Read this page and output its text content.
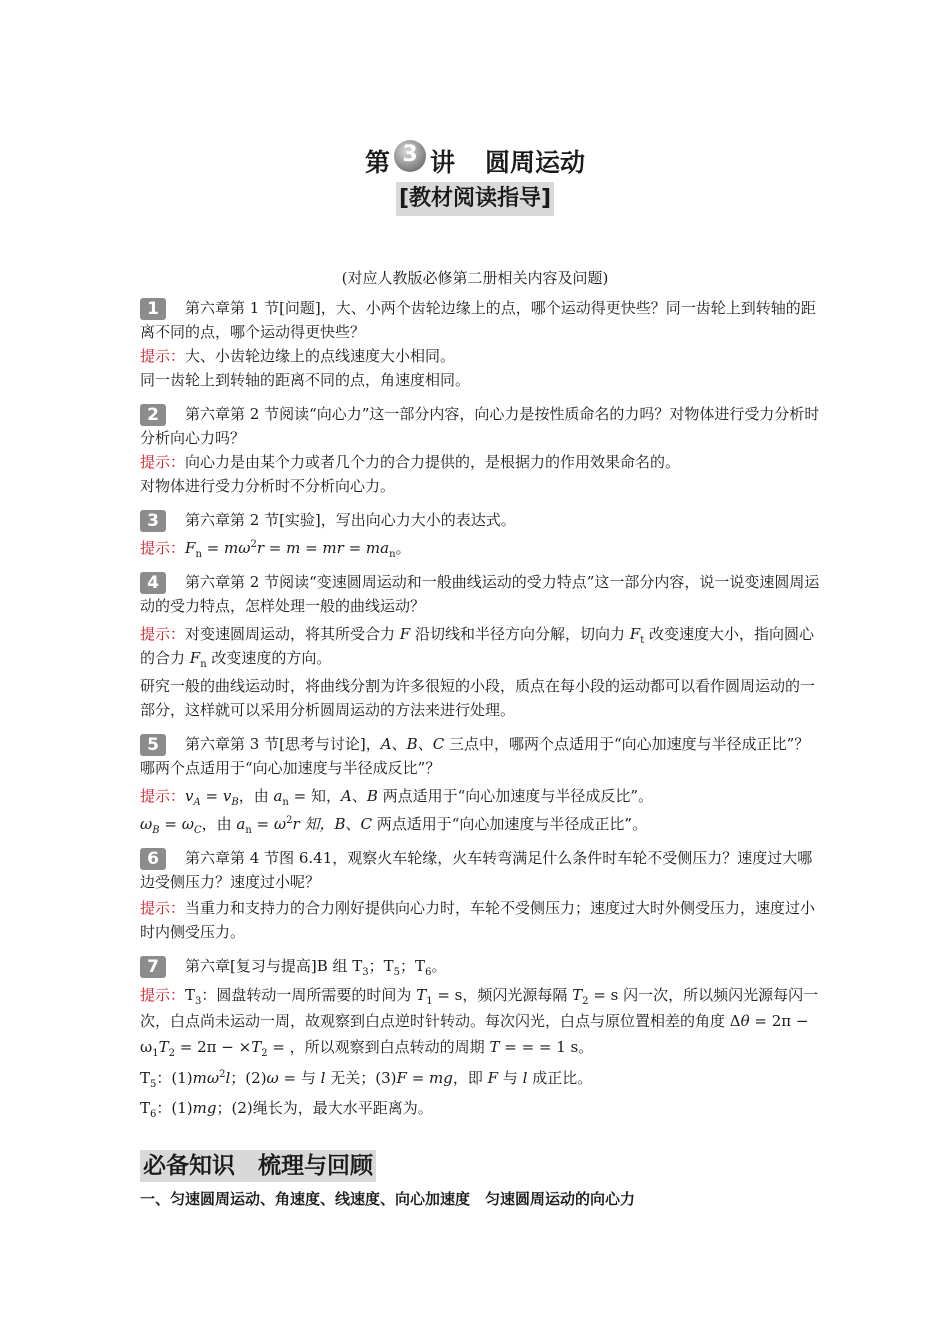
第 3 讲 圆周运动
[教材阅读指导]
(对应人教版必修第二册相关内容及问题)
1	第六章第 1 节[问题]，大、小两个齿轮边缘上的点，哪个运动得更快些？同一齿轮上到转轴的距离不同的点，哪个运动得更快些？

提示：大、小齿轮边缘上的点线速度大小相同。

同一齿轮上到转轴的距离不同的点，角速度相同。

2	第六章第 2 节阅读“向心力”这一部分内容，向心力是按性质命名的力吗？对物体进行受力分析时分析向心力吗？

提示：向心力是由某个力或者几个力的合力提供的，是根据力的作用效果命名的。

对物体进行受力分析时不分析向心力。

3	第六章第 2 节[实验]，写出向心力大小的表达式。

提示：$F_n = m\omega^2r = m$ = mr = $ma_n$。

4	第六章第 2 节阅读“变速圆周运动和一般曲线运动的受力特点”这一部分内容，说一说变速圆周运动的受力特点，怎样处理一般的曲线运动？

提示：对变速圆周运动，将其所受合力 F 沿切线和半径方向分解，切向力 $F_t$ 改变速度大小，指向圆心的合力 $F_n$ 改变速度的方向。

研究一般的曲线运动时，将曲线分割为许多很短的小段，质点在每小段的运动都可以看作圆周运动的一部分，这样就可以采用分析圆周运动的方法来进行处理。

5	第六章第 3 节[思考与讨论]，A、B、C 三点中，哪两个点适用于“向心加速度与半径成正比”？哪两个点适用于“向心加速度与半径成反比”？

提示：$v_A = v_B$，由 $a_n$ = 知，A、B 两点适用于“向心加速度与半径成反比”。

$\omega_B = \omega_C$，由 $a_n = \omega^2r$ 知，B、C 两点适用于“向心加速度与半径成正比”。

6	第六章第 4 节图 6.41，观察火车轮缘，火车转弯满足什么条件时车轮不受侧压力？速度过大哪边受侧压力？速度过小呢？

提示：当重力和支持力的合力刚好提供向心力时，车轮不受侧压力；速度过大时外侧受压力，速度过小时内侧受压力。

7	第六章[复习与提高]B 组 $T_3$；$T_5$；$T_6$。

提示：$T_3$：圆盘转动一周所需要的时间为 $T_1 = s$，频闪光源每隔 $T_2 = s$ 闪一次，所以频闪光源每闪一次，白点尚未运动一周，故观察到白点逆时针转动。每次闪光，白点与原位置相差的角度 $\Delta\theta = 2\pi - \omega_1T_2 = 2\pi - \times T_2$ = ，所以观察到白点转动的周期 T = = = 1 s。

$T_5$：$(1)m\omega^2l$；(2)ω = 与 l 无关；(3)F = mg，即 F 与 l 成正比。

$T_6$：(1)mg；(2)绳长为，最大水平距离为。

必备知识　梳理与回顾
一、匀速圆周运动、角速度、线速度、向心加速度　匀速圆周运动的向心力
